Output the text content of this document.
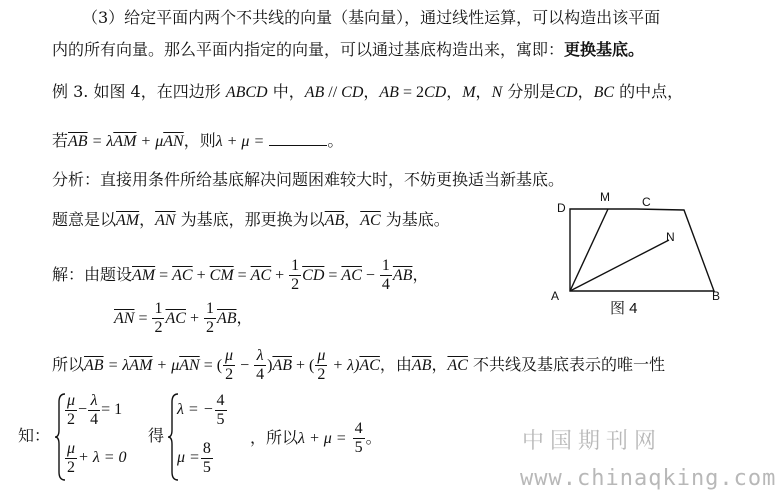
（3）给定平面内两个不共线的向量（基向量），通过线性运算，可以构造出该平面
内的所有向量。那么平面内指定的向量，可以通过基底构造出来，寓即：更换基底。
例 3. 如图 4，在四边形 ABCD 中，AB // CD，AB = 2CD，M，N 分别是CD，BC 的中点，
若$\overline{AB} = \lambda\overline{AM} + \mu\overline{AN}$，则λ + μ =	。
分析：直接用条件所给基底解决问题困难较大时，不妨更换适当新基底。
题意是以$\overline{AM}$，$\overline{AN}$ 为基底，那更换为以$\overline{AB}$，$\overline{AC}$ 为基底。
解：由题设$\overline{AM} = \overline{AC} + \overline{CM} = \overline{AC} + \frac{1}{2} \overline{CD} = \overline{AC} - \frac{1}{4} \overline{AB}$，
$\overline{AN} = \frac{1}{2} \overline{AC} + \frac{1}{2} \overline{AB}$，
所以$\overline{AB} = \lambda\overline{AM} + \mu\overline{AN}$ = ( $\frac{\mu}{2} - \frac{\lambda}{4} )\overline{AB}$ + ( $\frac{\mu}{2} + \lambda)\overline{AC}$，由$\overline{AB}$，$\overline{AC}$ 不共线及基底表示的唯一性
知：
$\frac{\mu}{2} - \frac{\lambda}{4} = 1$
$\frac{\mu}{2} + \lambda = 0$
得
λ = − $\frac{4}{5}$
$\mu = \frac{8}{5}$
，所以$\lambda + \mu = \frac{4}{5}$ 。
D
M	C
N
A	B
图 4
中国期刊网
www.chinaqking.com
